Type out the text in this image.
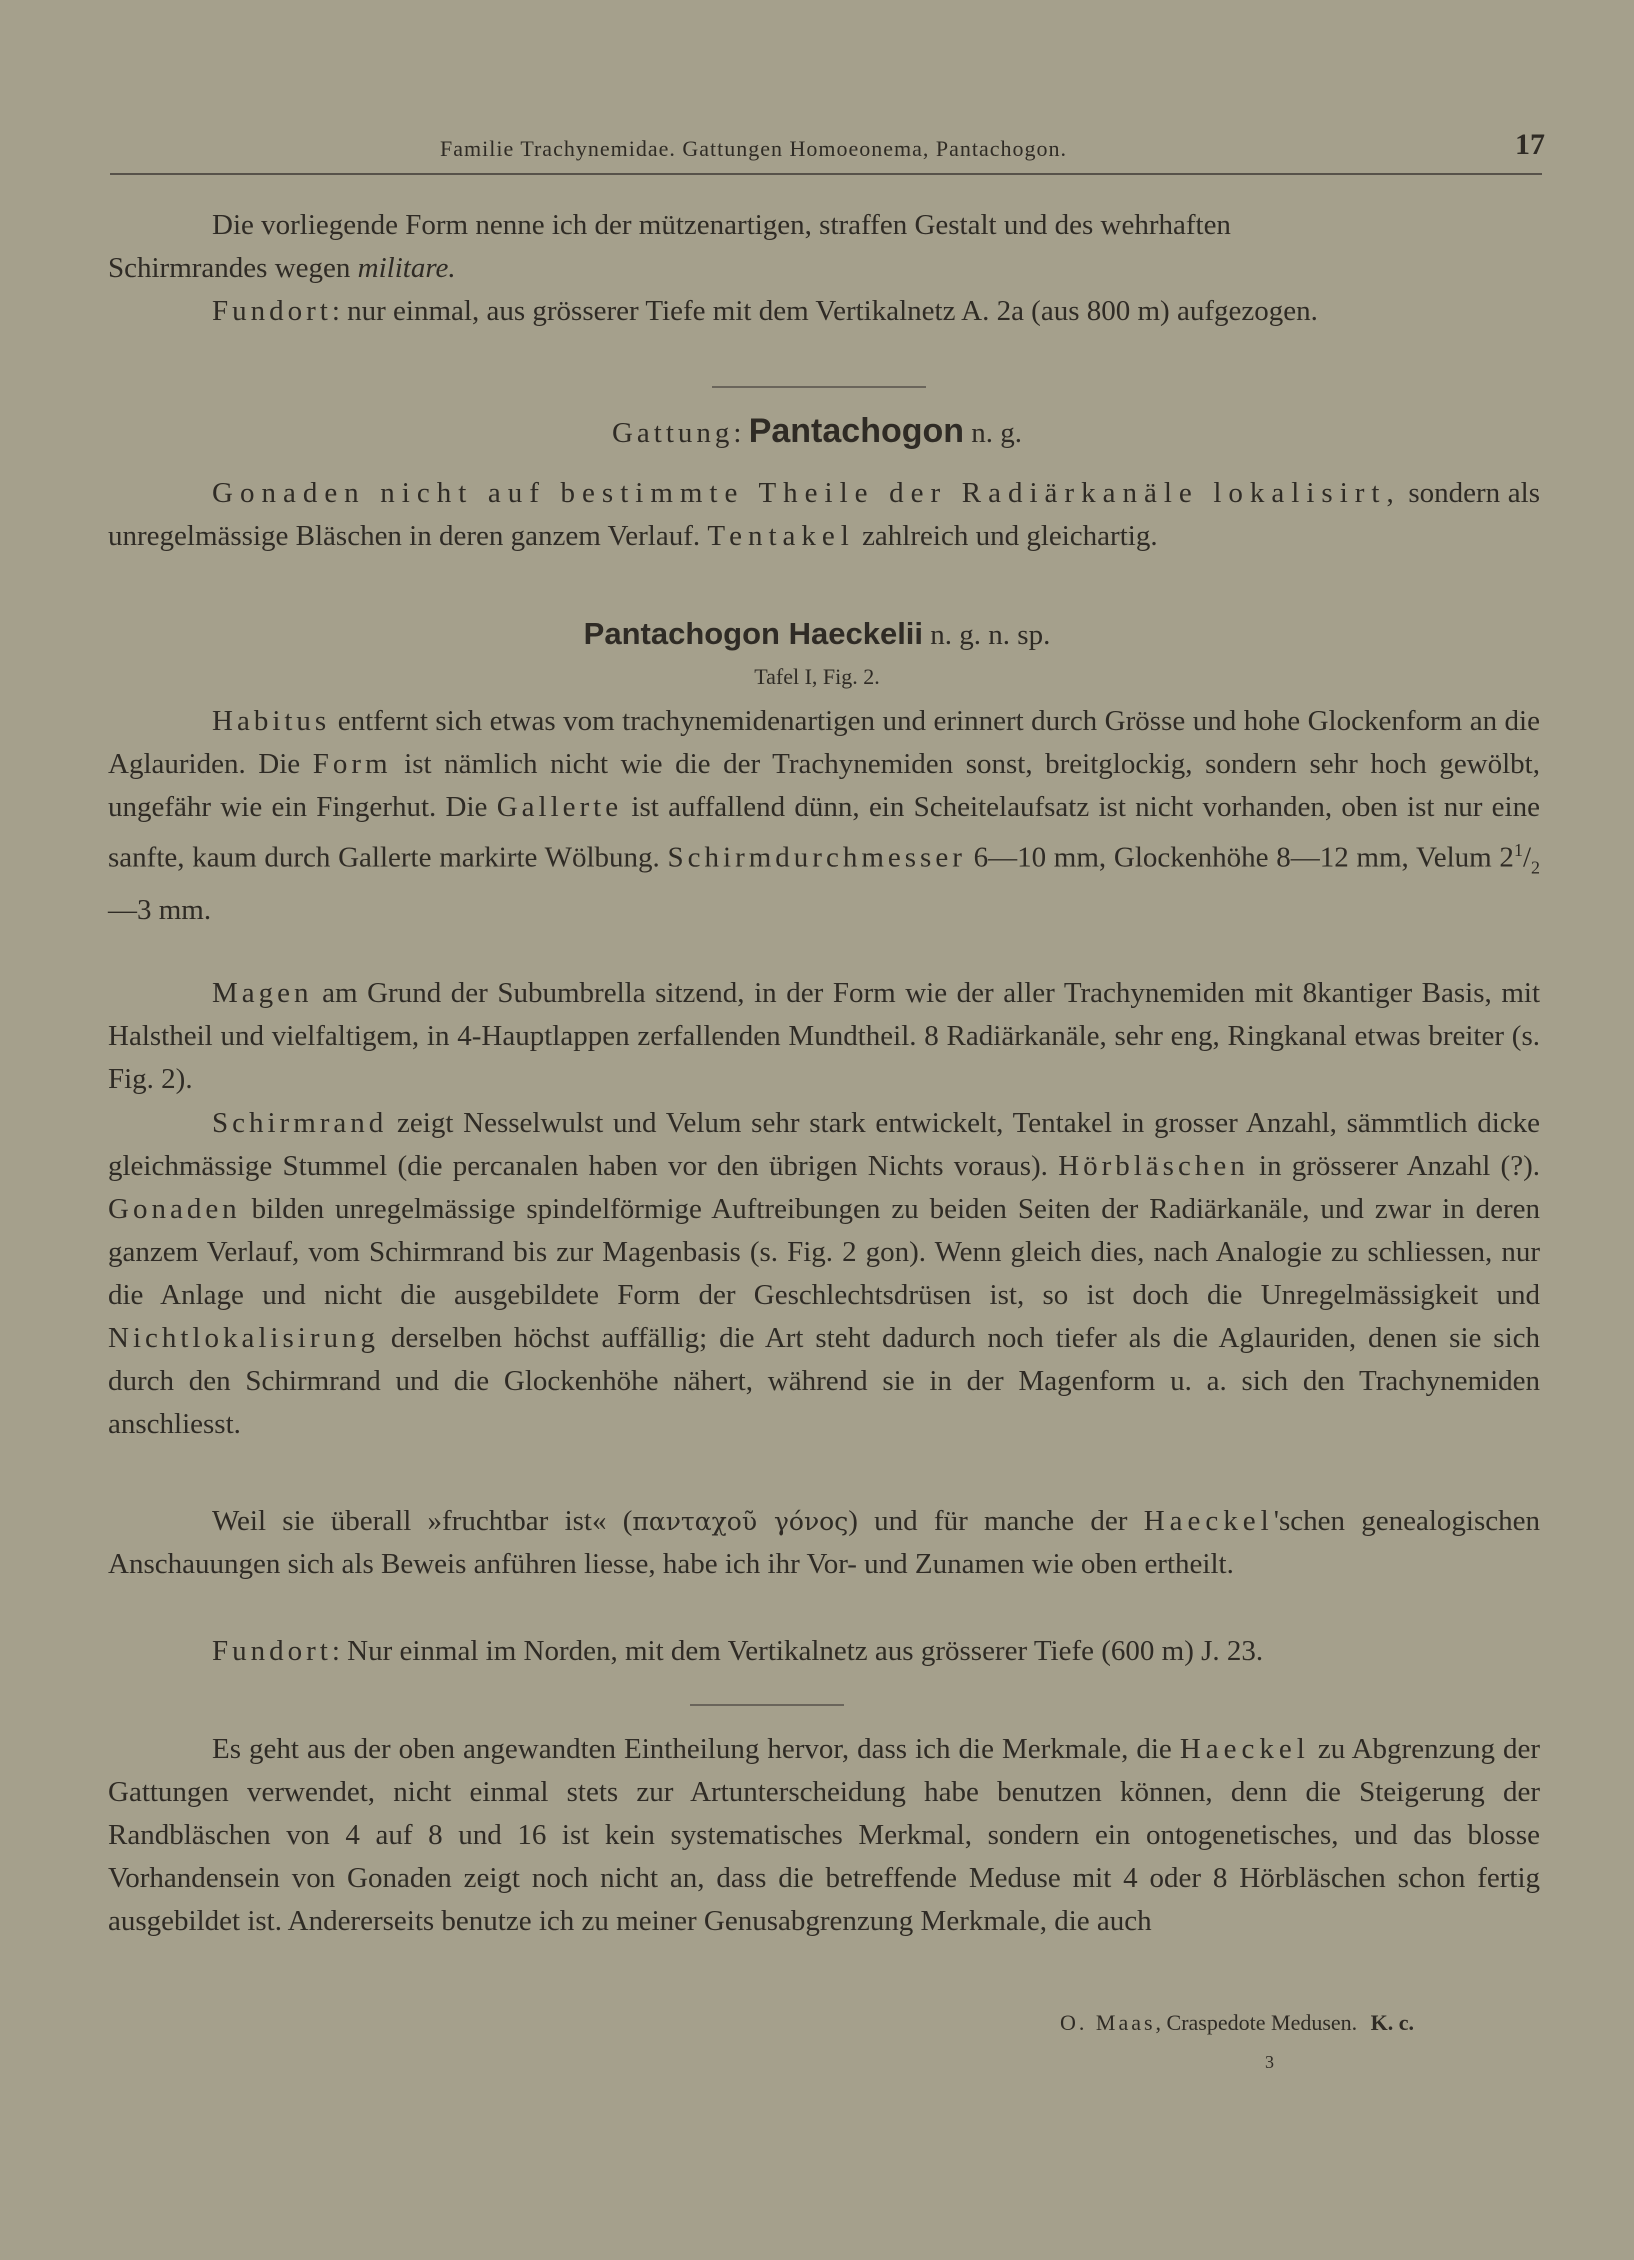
Familie Trachynemidae. Gattungen Homoeonema, Pantachogon.	17

Die vorliegende Form nenne ich der mützenartigen, straffen Gestalt und des wehrhaften
Schirmrandes wegen militare.

Fundort: nur einmal, aus grösserer Tiefe mit dem Vertikalnetz A. 2a (aus 800 m) aufgezogen.

Gattung: Pantachogon n. g.

Gonaden nicht auf bestimmte Theile der Radiärkanäle lokalisirt, sondern als unregelmässige Bläschen in deren ganzem Verlauf. Tentakel zahlreich und gleichartig.

Pantachogon Haeckelii n. g. n. sp.
Tafel I, Fig. 2.

Habitus entfernt sich etwas vom trachynemidenartigen und erinnert durch Grösse und hohe Glockenform an die Aglauriden. Die Form ist nämlich nicht wie die der Trachynemiden sonst, breitglockig, sondern sehr hoch gewölbt, ungefähr wie ein Fingerhut. Die Gallerte ist auffallend dünn, ein Scheitelaufsatz ist nicht vorhanden, oben ist nur eine sanfte, kaum durch Gallerte markirte Wölbung. Schirmdurchmesser 6—10 mm, Glockenhöhe 8—12 mm, Velum $2^1/_2—3$ mm.

Magen am Grund der Subumbrella sitzend, in der Form wie der aller Trachynemiden mit 8kantiger Basis, mit Halstheil und vielfaltigem, in 4-Hauptlappen zerfallenden Mundtheil. 8 Radiärkanäle, sehr eng, Ringkanal etwas breiter (s. Fig. 2).

Schirmrand zeigt Nesselwulst und Velum sehr stark entwickelt, Tentakel in grosser Anzahl, sämmtlich dicke gleichmässige Stummel (die percanalen haben vor den übrigen Nichts voraus). Hörbläschen in grösserer Anzahl (?). Gonaden bilden unregelmässige spindelförmige Auftreibungen zu beiden Seiten der Radiärkanäle, und zwar in deren ganzem Verlauf, vom Schirmrand bis zur Magenbasis (s. Fig. 2 gon). Wenn gleich dies, nach Analogie zu schliessen, nur die Anlage und nicht die ausgebildete Form der Geschlechtsdrüsen ist, so ist doch die Unregelmässigkeit und Nichtlokalisirung derselben höchst auffällig; die Art steht dadurch noch tiefer als die Aglauriden, denen sie sich durch den Schirmrand und die Glockenhöhe nähert, während sie in der Magenform u. a. sich den Trachynemiden anschliesst.

Weil sie überall »fruchtbar ist« (πανταχοῦ γόνος) und für manche der Haeckel'schen genealogischen Anschauungen sich als Beweis anführen liesse, habe ich ihr Vor- und Zunamen wie oben ertheilt.

Fundort: Nur einmal im Norden, mit dem Vertikalnetz aus grösserer Tiefe (600 m) J. 23.

Es geht aus der oben angewandten Eintheilung hervor, dass ich die Merkmale, die Haeckel zu Abgrenzung der Gattungen verwendet, nicht einmal stets zur Artunterscheidung habe benutzen können, denn die Steigerung der Randbläschen von 4 auf 8 und 16 ist kein systematisches Merkmal, sondern ein ontogenetisches, und das blosse Vorhandensein von Gonaden zeigt noch nicht an, dass die betreffende Meduse mit 4 oder 8 Hörbläschen schon fertig ausgebildet ist. Andererseits benutze ich zu meiner Genusabgrenzung Merkmale, die auch

O. Maas, Craspedote Medusen. K. c.
3
